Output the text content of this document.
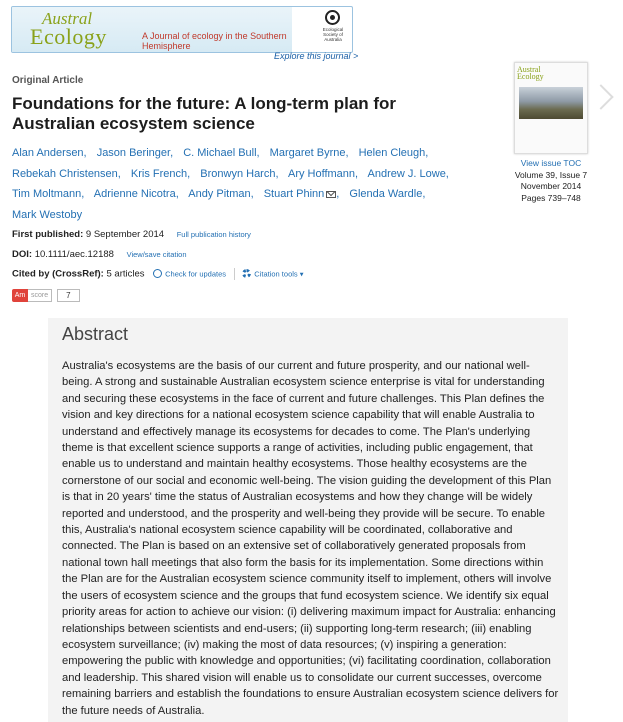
Austral
Ecology	A Journal of ecology in the Southern Hemisphere
Ecological Society of Australia
Explore this journal >
Original Article
Foundations for the future: A long-term plan for Australian ecosystem science
Alan Andersen, Jason Beringer, C. Michael Bull, Margaret Byrne, Helen Cleugh, Rebekah Christensen, Kris French, Bronwyn Harch, Ary Hoffmann, Andrew J. Lowe, Tim Moltmann, Adrienne Nicotra, Andy Pitman, Stuart Phinn , Glenda Wardle, Mark Westoby
First published: 9 September 2014 Full publication history
DOI: 10.1111/aec.12188 View/save citation
Cited by (CrossRef): 5 articles	Check for updates	Citation tools ▾
Am score	7
Austral
Ecology
View issue TOC
Volume 39, Issue 7
November 2014
Pages 739–748
Abstract

Australia's ecosystems are the basis of our current and future prosperity, and our national well-being. A strong and sustainable Australian ecosystem science enterprise is vital for understanding and securing these ecosystems in the face of current and future challenges. This Plan defines the vision and key directions for a national ecosystem science capability that will enable Australia to understand and effectively manage its ecosystems for decades to come. The Plan's underlying theme is that excellent science supports a range of activities, including public engagement, that enable us to understand and maintain healthy ecosystems. Those healthy ecosystems are the cornerstone of our social and economic well-being. The vision guiding the development of this Plan is that in 20 years' time the status of Australian ecosystems and how they change will be widely reported and understood, and the prosperity and well-being they provide will be secure. To enable this, Australia's national ecosystem science capability will be coordinated, collaborative and connected. The Plan is based on an extensive set of collaboratively generated proposals from national town hall meetings that also form the basis for its implementation. Some directions within the Plan are for the Australian ecosystem science community itself to implement, others will involve the users of ecosystem science and the groups that fund ecosystem science. We identify six equal priority areas for action to achieve our vision: (i) delivering maximum impact for Australia: enhancing relationships between scientists and end-users; (ii) supporting long-term research; (iii) enabling ecosystem surveillance; (iv) making the most of data resources; (v) inspiring a generation: empowering the public with knowledge and opportunities; (vi) facilitating coordination, collaboration and leadership. This shared vision will enable us to consolidate our current successes, overcome remaining barriers and establish the foundations to ensure Australian ecosystem science delivers for the future needs of Australia.
